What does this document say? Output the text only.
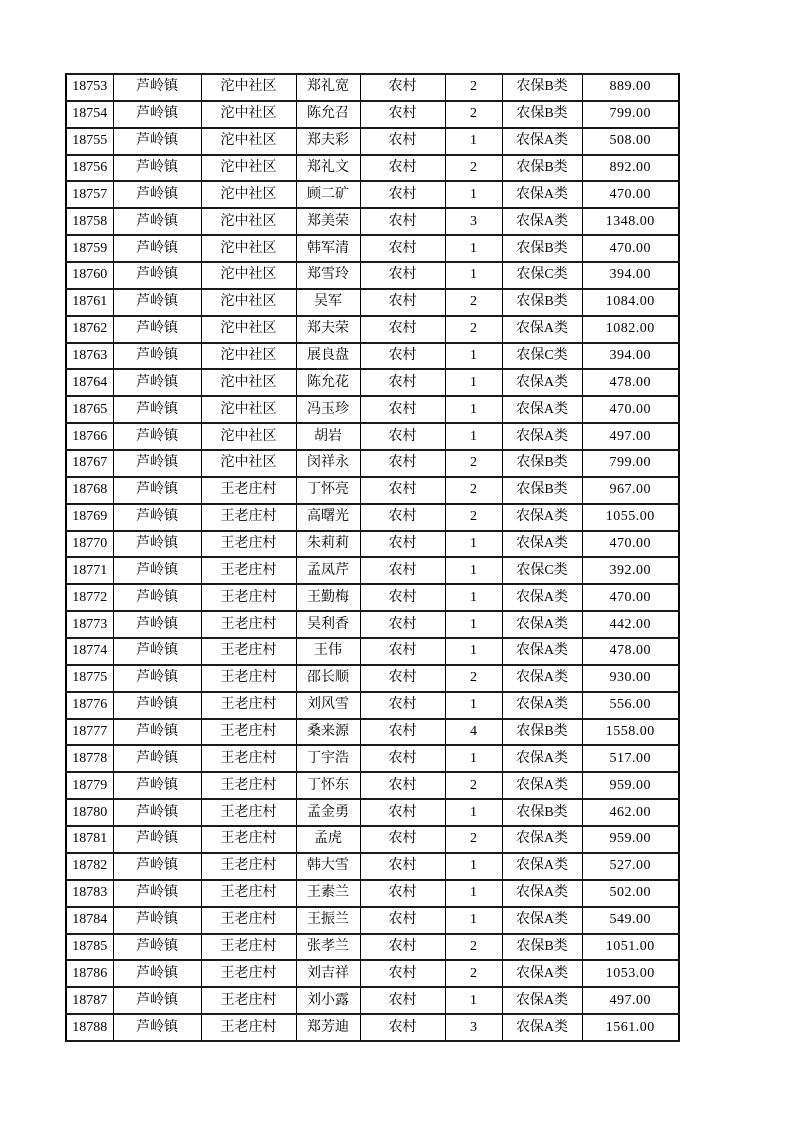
18753	芦岭镇	沱中社区	郑礼宽	农村	2	农保B类	889.00
18754	芦岭镇	沱中社区	陈允召	农村	2	农保B类	799.00
18755	芦岭镇	沱中社区	郑夫彩	农村	1	农保A类	508.00
18756	芦岭镇	沱中社区	郑礼文	农村	2	农保B类	892.00
18757	芦岭镇	沱中社区	顾二矿	农村	1	农保A类	470.00
18758	芦岭镇	沱中社区	郑美荣	农村	3	农保A类	1348.00
18759	芦岭镇	沱中社区	韩军清	农村	1	农保B类	470.00
18760	芦岭镇	沱中社区	郑雪玲	农村	1	农保C类	394.00
18761	芦岭镇	沱中社区	吴军	农村	2	农保B类	1084.00
18762	芦岭镇	沱中社区	郑夫荣	农村	2	农保A类	1082.00
18763	芦岭镇	沱中社区	展良盘	农村	1	农保C类	394.00
18764	芦岭镇	沱中社区	陈允花	农村	1	农保A类	478.00
18765	芦岭镇	沱中社区	冯玉珍	农村	1	农保A类	470.00
18766	芦岭镇	沱中社区	胡岩	农村	1	农保A类	497.00
18767	芦岭镇	沱中社区	闵祥永	农村	2	农保B类	799.00
18768	芦岭镇	王老庄村	丁怀亮	农村	2	农保B类	967.00
18769	芦岭镇	王老庄村	高曙光	农村	2	农保A类	1055.00
18770	芦岭镇	王老庄村	朱莉莉	农村	1	农保A类	470.00
18771	芦岭镇	王老庄村	孟凤芹	农村	1	农保C类	392.00
18772	芦岭镇	王老庄村	王勤梅	农村	1	农保A类	470.00
18773	芦岭镇	王老庄村	吴利香	农村	1	农保A类	442.00
18774	芦岭镇	王老庄村	王伟	农村	1	农保A类	478.00
18775	芦岭镇	王老庄村	邵长顺	农村	2	农保A类	930.00
18776	芦岭镇	王老庄村	刘风雪	农村	1	农保A类	556.00
18777	芦岭镇	王老庄村	桑来源	农村	4	农保B类	1558.00
18778	芦岭镇	王老庄村	丁宇浩	农村	1	农保A类	517.00
18779	芦岭镇	王老庄村	丁怀东	农村	2	农保A类	959.00
18780	芦岭镇	王老庄村	孟金勇	农村	1	农保B类	462.00
18781	芦岭镇	王老庄村	孟虎	农村	2	农保A类	959.00
18782	芦岭镇	王老庄村	韩大雪	农村	1	农保A类	527.00
18783	芦岭镇	王老庄村	王素兰	农村	1	农保A类	502.00
18784	芦岭镇	王老庄村	王振兰	农村	1	农保A类	549.00
18785	芦岭镇	王老庄村	张孝兰	农村	2	农保B类	1051.00
18786	芦岭镇	王老庄村	刘吉祥	农村	2	农保A类	1053.00
18787	芦岭镇	王老庄村	刘小露	农村	1	农保A类	497.00
18788	芦岭镇	王老庄村	郑芳迪	农村	3	农保A类	1561.00
